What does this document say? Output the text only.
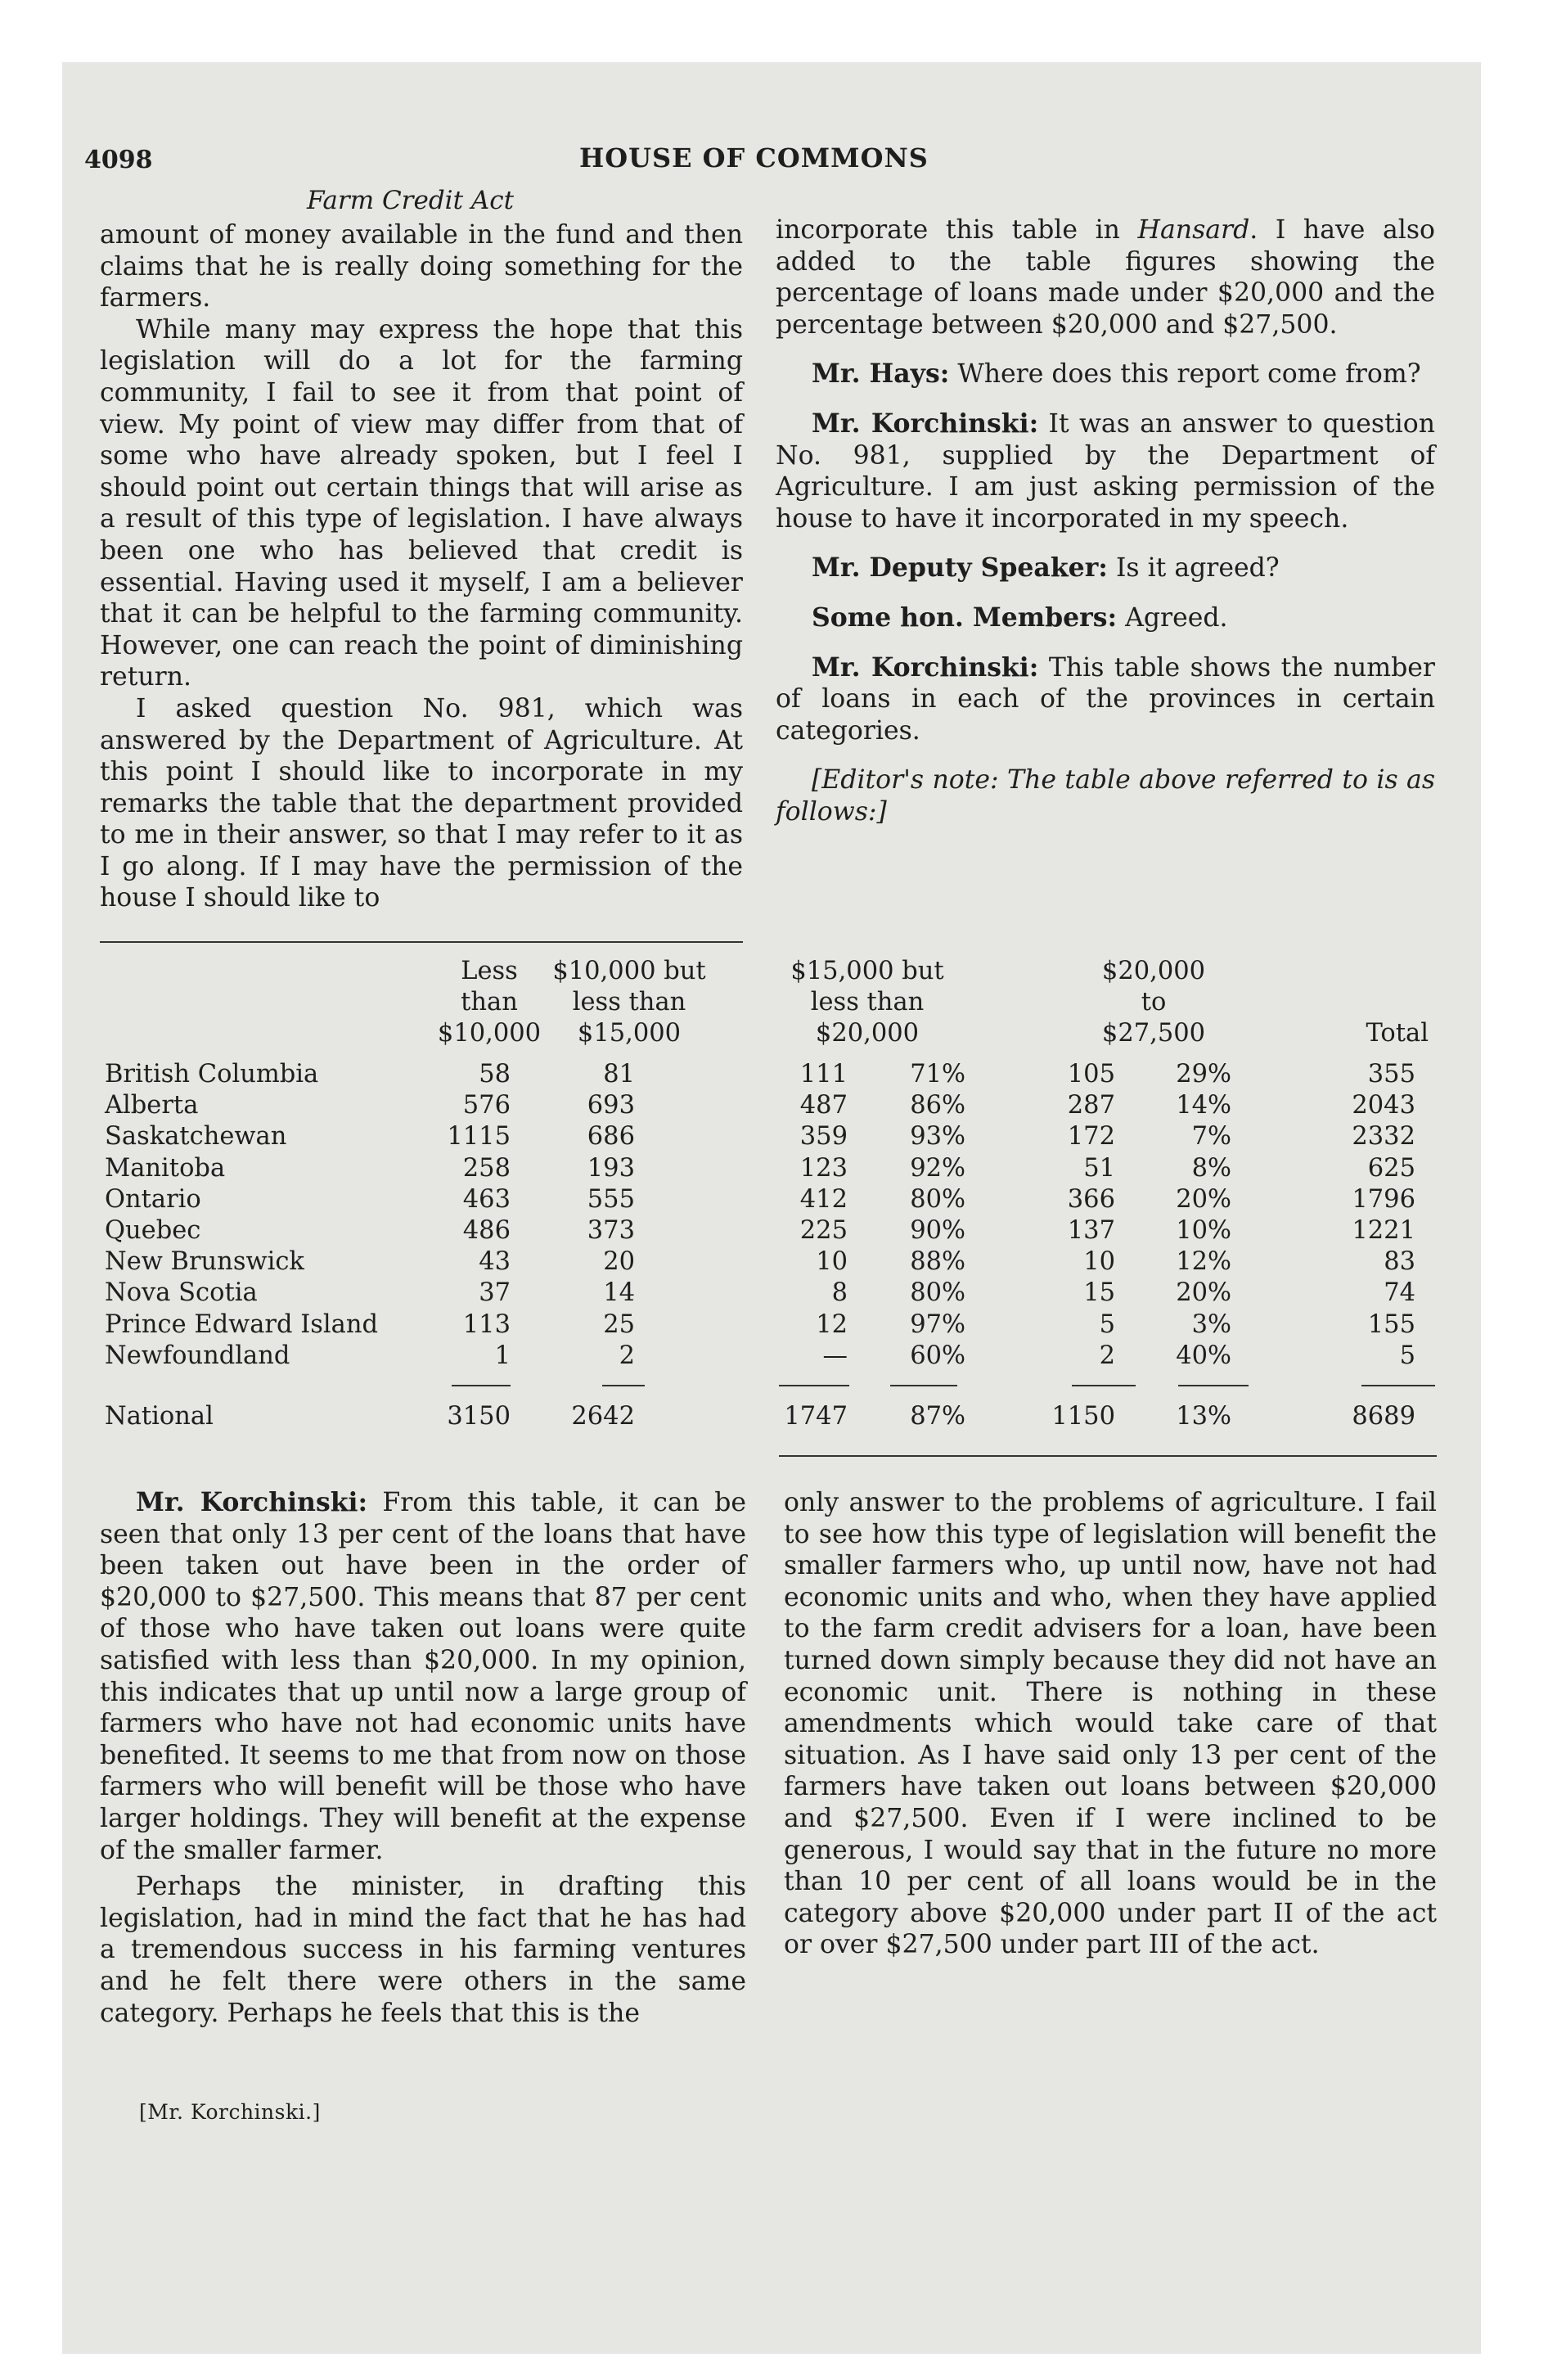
4098	HOUSE OF COMMONS
Farm Credit Act

amount of money available in the fund and then claims that he is really doing something for the farmers.

While many may express the hope that this legislation will do a lot for the farming community, I fail to see it from that point of view. My point of view may differ from that of some who have already spoken, but I feel I should point out certain things that will arise as a result of this type of legislation. I have always been one who has believed that credit is essential. Having used it myself, I am a believer that it can be helpful to the farming community. However, one can reach the point of diminishing return.

I asked question No. 981, which was answered by the Department of Agriculture. At this point I should like to incorporate in my remarks the table that the department provided to me in their answer, so that I may refer to it as I go along. If I may have the permission of the house I should like to

incorporate this table in Hansard. I have also added to the table figures showing the percentage of loans made under $20,000 and the percentage between $20,000 and $27,500.

Mr. Hays: Where does this report come from?

Mr. Korchinski: It was an answer to question No. 981, supplied by the Department of Agriculture. I am just asking permission of the house to have it incorporated in my speech.

Mr. Deputy Speaker: Is it agreed?

Some hon. Members: Agreed.

Mr. Korchinski: This table shows the number of loans in each of the provinces in certain categories.

[Editor's note: The table above referred to is as follows:]

Less
than
$10,000
$10,000 but
less than
$15,000
$15,000 but
less than
$20,000
$20,000
to
$27,500	Total
British Columbia	58	81	111 71%	105 29%	355
Alberta	576	693	487 86%	287 14%	2043
Saskatchewan	1115	686	359 93%	172	7%	2332
Manitoba	258	193	123 92%	51	8%	625
Ontario	463	555	412 80%	366 20%	1796
Quebec	486	373	225 90%	137 10%	1221
New Brunswick	43	20	10 88%	10 12%	83
Nova Scotia	37	14	8 80%	15 20%	74
Prince Edward Island	113	25	12 97%	5	3%	155
Newfoundland	1	2	— 60%	2 40%	5
National	3150 2642	1747 87%	1150 13%	8689

Mr. Korchinski: From this table, it can be seen that only 13 per cent of the loans that have been taken out have been in the order of $20,000 to $27,500. This means that 87 per cent of those who have taken out loans were quite satisfied with less than $20,000. In my opinion, this indicates that up until now a large group of farmers who have not had economic units have benefited. It seems to me that from now on those farmers who will benefit will be those who have larger holdings. They will benefit at the expense of the smaller farmer.

Perhaps the minister, in drafting this legislation, had in mind the fact that he has had a tremendous success in his farming ventures and he felt there were others in the same category. Perhaps he feels that this is the

only answer to the problems of agriculture. I fail to see how this type of legislation will benefit the smaller farmers who, up until now, have not had economic units and who, when they have applied to the farm credit advisers for a loan, have been turned down simply because they did not have an economic unit. There is nothing in these amendments which would take care of that situation. As I have said only 13 per cent of the farmers have taken out loans between $20,000 and $27,500. Even if I were inclined to be generous, I would say that in the future no more than 10 per cent of all loans would be in the category above $20,000 under part II of the act or over $27,500 under part III of the act.

[Mr. Korchinski.]
